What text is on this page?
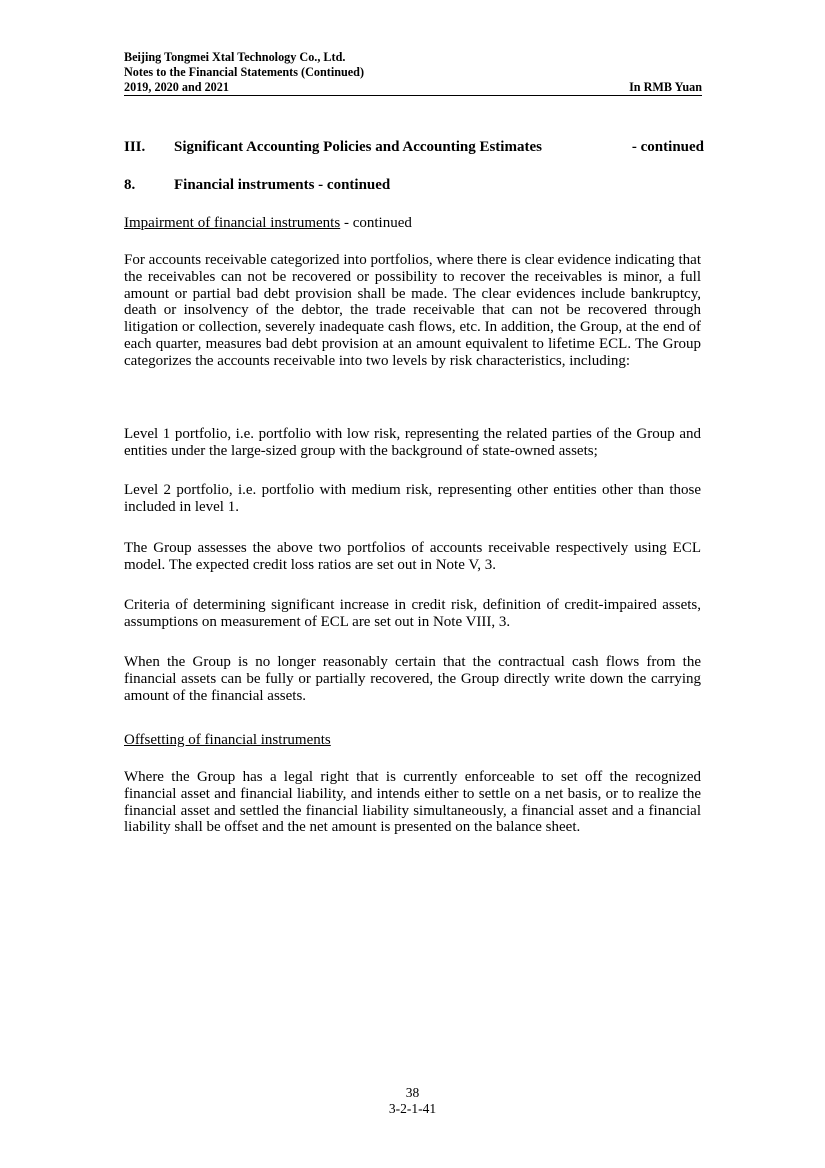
Beijing Tongmei Xtal Technology Co., Ltd.
Notes to the Financial Statements (Continued)
2019, 2020 and 2021	In RMB Yuan
III.	Significant Accounting Policies and Accounting Estimates	- continued
8.	Financial instruments - continued
Impairment of financial instruments - continued

For accounts receivable categorized into portfolios, where there is clear evidence indicating that the receivables can not be recovered or possibility to recover the receivables is minor, a full amount or partial bad debt provision shall be made. The clear evidences include bankruptcy, death or insolvency of the debtor, the trade receivable that can not be recovered through litigation or collection, severely inadequate cash flows, etc. In addition, the Group, at the end of each quarter, measures bad debt provision at an amount equivalent to lifetime ECL. The Group categorizes the accounts receivable into two levels by risk characteristics, including:

Level 1 portfolio, i.e. portfolio with low risk, representing the related parties of the Group and entities under the large-sized group with the background of state-owned assets;

Level 2 portfolio, i.e. portfolio with medium risk, representing other entities other than those included in level 1.

The Group assesses the above two portfolios of accounts receivable respectively using ECL model. The expected credit loss ratios are set out in Note V, 3.

Criteria of determining significant increase in credit risk, definition of credit-impaired assets, assumptions on measurement of ECL are set out in Note VIII, 3.

When the Group is no longer reasonably certain that the contractual cash flows from the financial assets can be fully or partially recovered, the Group directly write down the carrying amount of the financial assets.

Offsetting of financial instruments

Where the Group has a legal right that is currently enforceable to set off the recognized financial asset and financial liability, and intends either to settle on a net basis, or to realize the financial asset and settled the financial liability simultaneously, a financial asset and a financial liability shall be offset and the net amount is presented on the balance sheet.

38
3-2-1-41
